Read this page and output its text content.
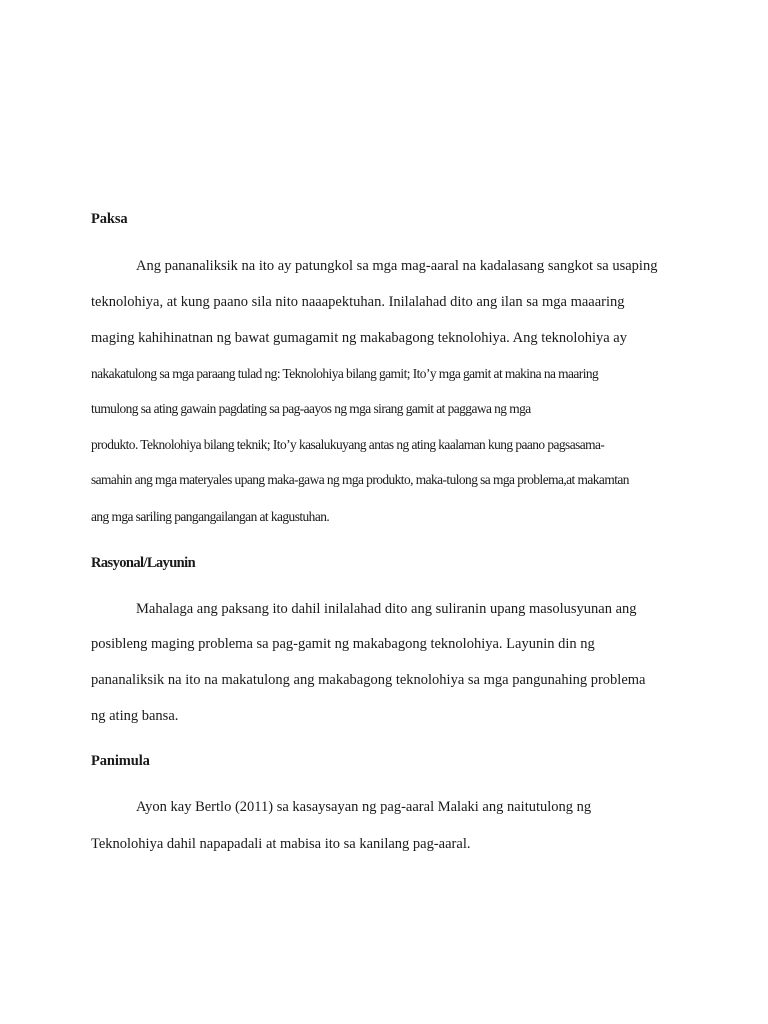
Paksa
Ang pananaliksik na ito ay patungkol sa mga mag-aaral na kadalasang sangkot sa usaping
teknolohiya, at kung paano sila nito naaapektuhan. Inilalahad dito ang ilan sa mga maaaring
maging kahihinatnan ng bawat gumagamit ng makabagong teknolohiya. Ang teknolohiya ay
nakakatulong sa mga paraang tulad ng: Teknolohiya bilang gamit; Ito’y mga gamit at makina na maaring
tumulong sa ating gawain pagdating sa pag-aayos ng mga sirang gamit at paggawa ng mga
produkto. Teknolohiya bilang teknik; Ito’y kasalukuyang antas ng ating kaalaman kung paano pagsasama-
samahin ang mga materyales upang maka-gawa ng mga produkto, maka-tulong sa mga problema,at makamtan
ang mga sariling pangangailangan at kagustuhan.
Rasyonal/Layunin
Mahalaga ang paksang ito dahil inilalahad dito ang suliranin upang masolusyunan ang
posibleng maging problema sa pag-gamit ng makabagong teknolohiya. Layunin din ng
pananaliksik na ito na makatulong ang makabagong teknolohiya sa mga pangunahing problema
ng ating bansa.
Panimula
Ayon kay Bertlo (2011) sa kasaysayan ng pag-aaral Malaki ang naitutulong ng
Teknolohiya dahil napapadali at mabisa ito sa kanilang pag-aaral.
